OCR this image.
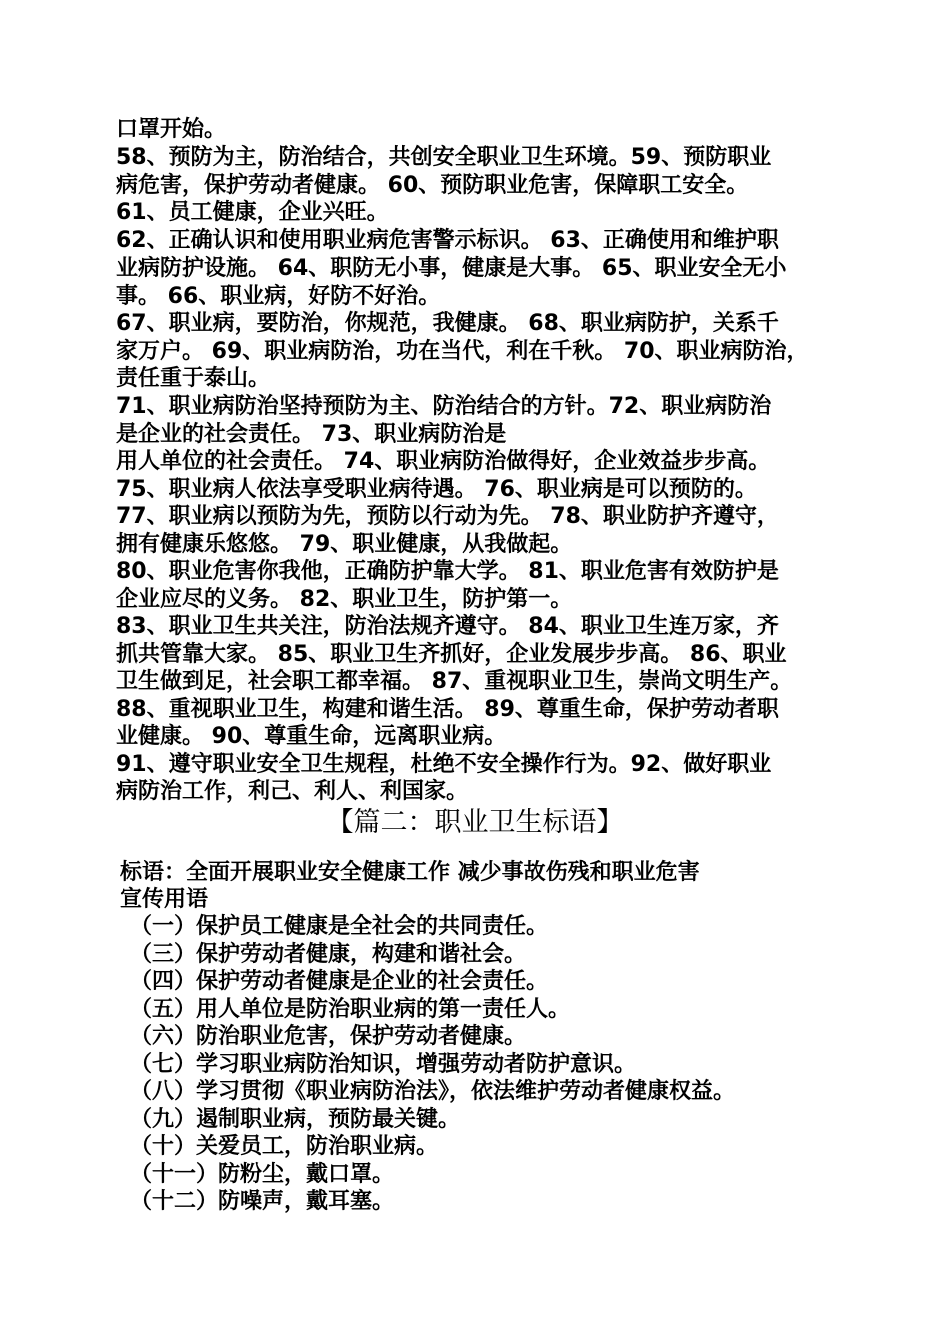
口罩开始。
58、预防为主，防治结合，共创安全职业卫生环境。59、预防职业
病危害，保护劳动者健康。 60、预防职业危害，保障职工安全。
61、员工健康，企业兴旺。
62、正确认识和使用职业病危害警示标识。 63、正确使用和维护职
业病防护设施。 64、职防无小事，健康是大事。 65、职业安全无小
事。 66、职业病，好防不好治。
67、职业病，要防治，你规范，我健康。 68、职业病防护，关系千
家万户。 69、职业病防治，功在当代，利在千秋。 70、职业病防治，
责任重于泰山。
71、职业病防治坚持预防为主、防治结合的方针。72、职业病防治
是企业的社会责任。 73、职业病防治是
用人单位的社会责任。 74、职业病防治做得好，企业效益步步高。
75、职业病人依法享受职业病待遇。 76、职业病是可以预防的。
77、职业病以预防为先，预防以行动为先。 78、职业防护齐遵守，
拥有健康乐悠悠。 79、职业健康，从我做起。
80、职业危害你我他，正确防护靠大学。 81、职业危害有效防护是
企业应尽的义务。 82、职业卫生，防护第一。
83、职业卫生共关注，防治法规齐遵守。 84、职业卫生连万家，齐
抓共管靠大家。 85、职业卫生齐抓好，企业发展步步高。 86、职业
卫生做到足，社会职工都幸福。 87、重视职业卫生，崇尚文明生产。
88、重视职业卫生，构建和谐生活。 89、尊重生命，保护劳动者职
业健康。 90、尊重生命，远离职业病。
91、遵守职业安全卫生规程，杜绝不安全操作行为。92、做好职业
病防治工作，利己、利人、利国家。
【篇二：职业卫生标语】
标语：全面开展职业安全健康工作 减少事故伤残和职业危害
宣传用语
（一）保护员工健康是全社会的共同责任。
（三）保护劳动者健康，构建和谐社会。
（四）保护劳动者健康是企业的社会责任。
（五）用人单位是防治职业病的第一责任人。
（六）防治职业危害，保护劳动者健康。
（七）学习职业病防治知识，增强劳动者防护意识。
（八）学习贯彻《职业病防治法》，依法维护劳动者健康权益。
（九）遏制职业病，预防最关键。
（十）关爱员工，防治职业病。
（十一）防粉尘，戴口罩。
（十二）防噪声，戴耳塞。
